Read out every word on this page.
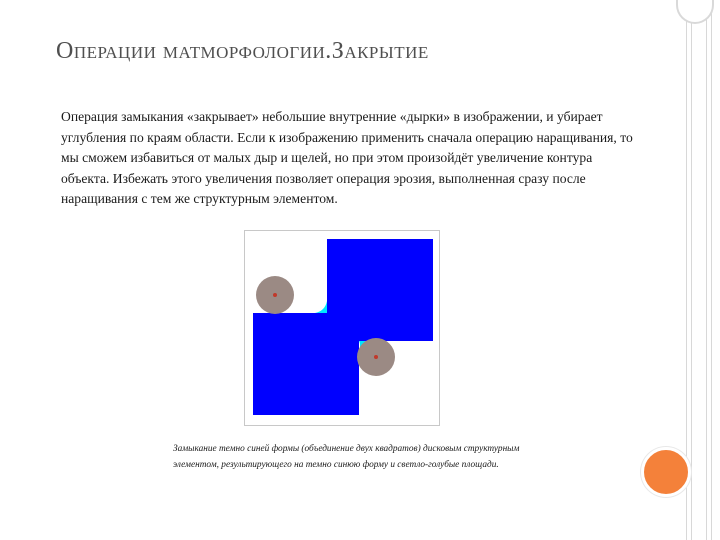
ОПЕРАЦИИ МАТМОРФОЛОГИИ.ЗАКРЫТИЕ
Операция замыкания «закрывает» небольшие внутренние «дырки» в изображении, и убирает углубления по краям области. Если к изображению применить сначала операцию наращивания, то мы сможем избавиться от малых дыр и щелей, но при этом произойдёт увеличение контура объекта. Избежать этого увеличения позволяет операция эрозия, выполненная сразу после наращивания с тем же структурным элементом.
Замыкание темно синей формы (объединение двух квадратов) дисковым структурным элементом, результирующего на темно синюю форму и светло-голубые площади.
